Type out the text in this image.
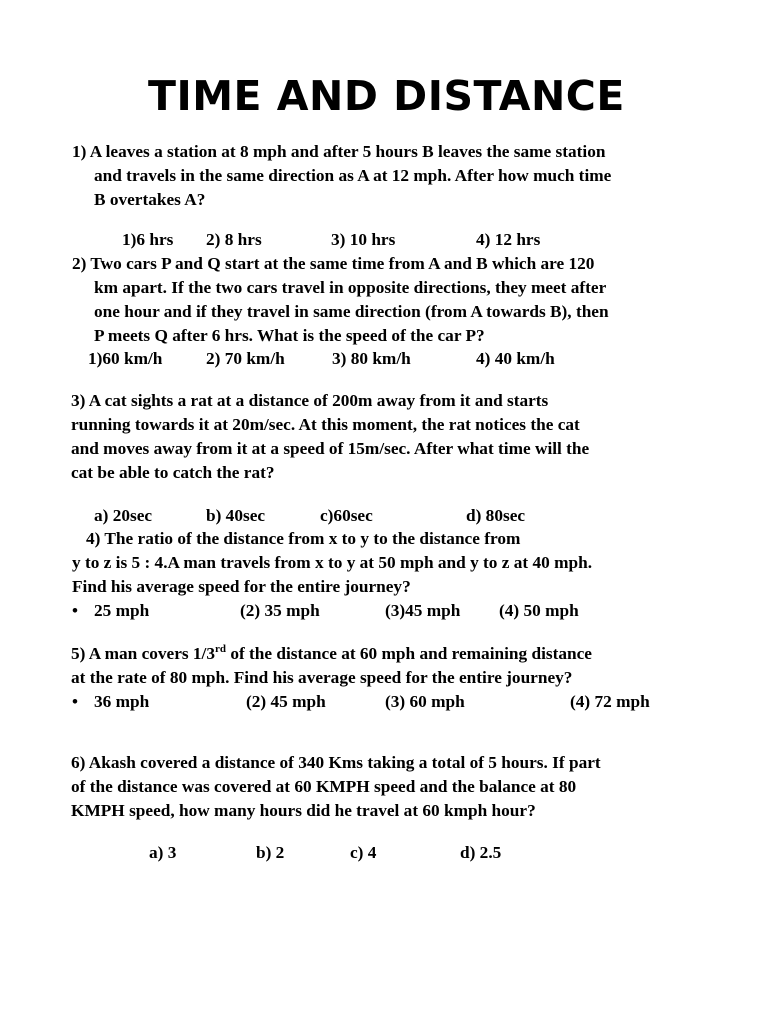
TIME AND DISTANCE
1) A leaves a station at 8 mph and after 5 hours B leaves the same station
and travels in the same direction as A at 12 mph. After how much time
B overtakes A?
1)6 hrs 2) 8 hrs	3) 10 hrs	4) 12 hrs
2) Two cars P and Q start at the same time from A and B which are 120
km apart. If the two cars travel in opposite directions, they meet after
one hour and if they travel in same direction (from A towards B), then
P meets Q after 6 hrs. What is the speed of the car P?
1)60 km/h	2) 70 km/h	3) 80 km/h	4) 40 km/h
3) A cat sights a rat at a distance of 200m away from it and starts
running towards it at 20m/sec. At this moment, the rat notices the cat
and moves away from it at a speed of 15m/sec. After what time will the
cat be able to catch the rat?
a) 20sec	b) 40sec	c)60sec	d) 80sec
4) The ratio of the distance from x to y to the distance from
y to z is 5 : 4.A man travels from x to y at 50 mph and y to z at 40 mph.
Find his average speed for the entire journey?
• 25 mph	(2) 35 mph	(3)45 mph (4) 50 mph
5) A man covers 1/3rd of the distance at 60 mph and remaining distance
at the rate of 80 mph. Find his average speed for the entire journey?
• 36 mph	(2) 45 mph	(3) 60 mph	(4) 72 mph
6) Akash covered a distance of 340 Kms taking a total of 5 hours. If part
of the distance was covered at 60 KMPH speed and the balance at 80
KMPH speed, how many hours did he travel at 60 kmph hour?
a) 3	b) 2	c) 4	d) 2.5
